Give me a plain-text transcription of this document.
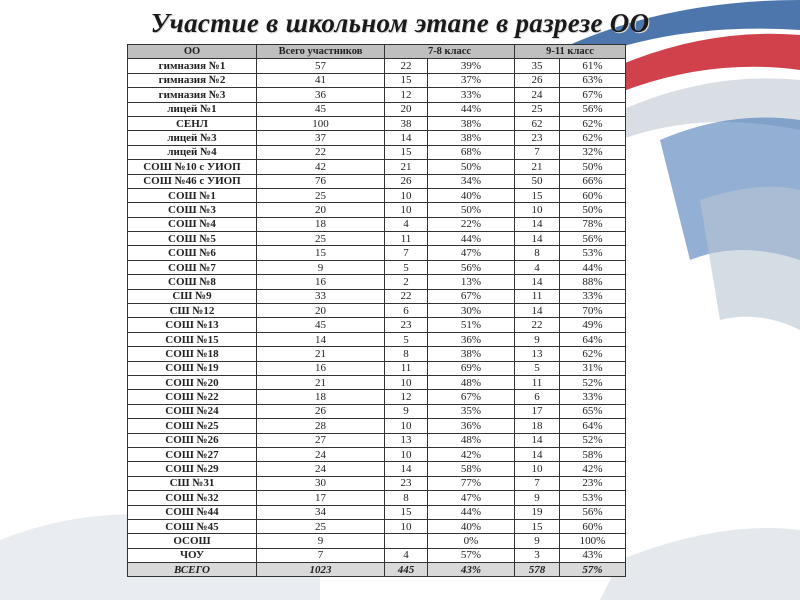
Участие в школьном этапе в разрезе ОО
ОО	Всего участников	7-8 класс		9-11 класс	
гимназия №1	57	22	39%	35	61%
гимназия №2	41	15	37%	26	63%
гимназия №3	36	12	33%	24	67%
лицей №1	45	20	44%	25	56%
СЕНЛ	100	38	38%	62	62%
лицей №3	37	14	38%	23	62%
лицей №4	22	15	68%	7	32%
СОШ №10 с УИОП	42	21	50%	21	50%
СОШ №46 с УИОП	76	26	34%	50	66%
СОШ №1	25	10	40%	15	60%
СОШ №3	20	10	50%	10	50%
СОШ №4	18	4	22%	14	78%
СОШ №5	25	11	44%	14	56%
СОШ №6	15	7	47%	8	53%
СОШ №7	9	5	56%	4	44%
СОШ №8	16	2	13%	14	88%
СШ №9	33	22	67%	11	33%
СШ №12	20	6	30%	14	70%
СОШ №13	45	23	51%	22	49%
СОШ №15	14	5	36%	9	64%
СОШ №18	21	8	38%	13	62%
СОШ №19	16	11	69%	5	31%
СОШ №20	21	10	48%	11	52%
СОШ №22	18	12	67%	6	33%
СОШ №24	26	9	35%	17	65%
СОШ №25	28	10	36%	18	64%
СОШ №26	27	13	48%	14	52%
СОШ №27	24	10	42%	14	58%
СОШ №29	24	14	58%	10	42%
СШ №31	30	23	77%	7	23%
СОШ №32	17	8	47%	9	53%
СОШ №44	34	15	44%	19	56%
СОШ №45	25	10	40%	15	60%
ОСОШ	9		0%	9	100%
ЧОУ	7	4	57%	3	43%
ВСЕГО	1023	445	43%	578	57%
